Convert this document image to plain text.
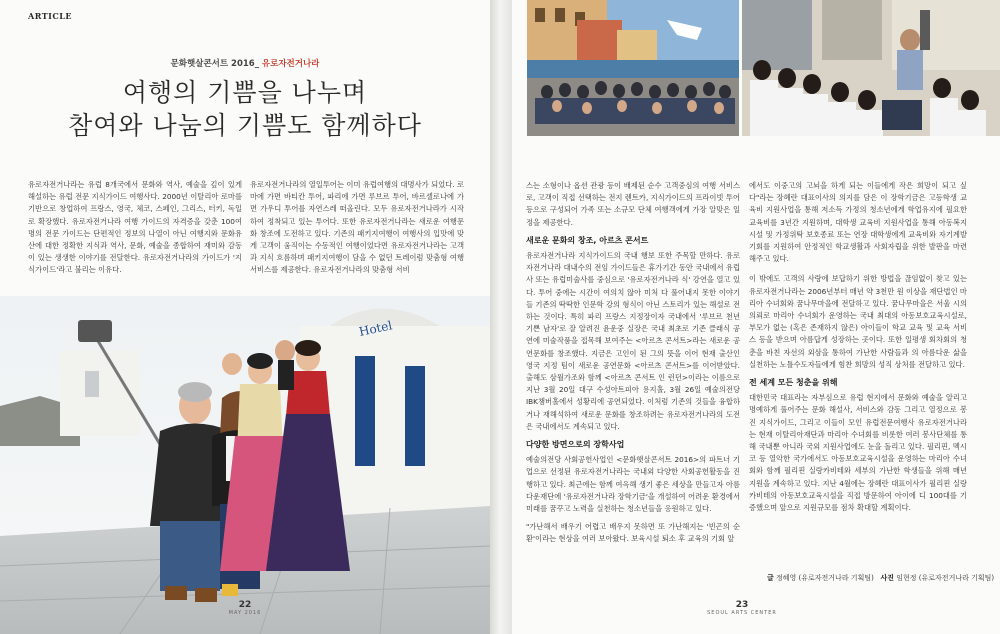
ARTICLE
문화햇살콘서트 2016_ 유로자전거나라
여행의 기쁨을 나누며
참여와 나눔의 기쁨도 함께하다
유로자전거나라는 유럽 8개국에서 문화와 역사, 예술을 깊이 있게 해설하는 유럽 전문 지식가이드 여행사다. 2000년 이탈리아 로마를 기반으로 창업하여 프랑스, 영국, 체코, 스페인, 그리스, 터키, 독일로 확장했다. 유로자전거나라 여행 가이드의 자격증을 갖춘 100여 명의 전문 가이드는 단편적인 정보의 나열이 아닌 여행지와 문화유산에 대한 정확한 지식과 역사, 문화, 예술을 종합하여 재미와 감동이 있는 생생한 이야기를 전달한다. 유로자전거나라의 가이드가 '지식가이드'라고 불리는 이유다.
유로자전거나라의 열일투어는 이미 유럽여행의 대명사가 되었다. 로마에 가면 바티칸 투어, 파리에 가면 루브르 투어, 바르셀로나에 가면 가우디 투어를 자연스레 떠올린다. 모두 유로자전거나라가 시작하여 정착되고 있는 투어다. 또한 유로자전거나라는 새로운 여행문화 창조에 도전하고 있다. 기존의 패키지여행이 여행사의 입맛에 맞게 고객이 움직이는 수동적인 여행이었다면 유로자전거나라는 고객과 지식 흐름하며 패키지여행이 담을 수 없던 트레이럼 맞춤형 여행 서비스를 제공한다. 유로자전거나라의 맞춤형 서비
Hotel
22
MAY 2016

스는 소형이나 옵션 관광 등이 배제된 순수 고객중심의 여행 서비스로, 고객이 직접 선택하는 전지 렌트카, 지식가이드의 프라이빗 투어 등으로 구성되어 가족 또는 소규모 단체 여행객에게 가장 알맞은 일정을 제공한다.

새로운 문화의 창조, 아르츠 콘서트

유로자전거나라 지식가이드의 국내 행보 또한 주목할 만하다. 유로자전거나라 대내수의 전임 가이드들은 휴가기간 동안 국내에서 유럽사 또는 유럽미술사를 중심으로 '유로자전거나라 식' 강연을 열고 있다. 투어 중에는 시간이 여의치 않아 미처 다 풀어내지 못한 이야기들 기존의 딱딱한 인문학 강의 형식이 아닌 스토리가 있는 해설로 전하는 것이다. 특히 파리 프랑스 지정장이자 국내에서 '루브르 천년 기쁜 남자'로 잘 알려진 윤운중 실장은 국내 최초로 기존 클래식 공연에 미술작품을 접목해 보여주는 <아르츠 콘서트>라는 새로운 공연문화를 창조했다. 지금은 고인이 된 그의 뜻을 이어 현재 출산인 영국 지정 팀이 새로운 공연문화 <아르츠 콘서트>를 이어받았다. 출해도 삼월가조와 함께 <아르츠 콘서트 인 런던>이라는 이름으로 지난 3월 20일 대구 수성아트피아 용지홀, 3월 26일 예술의전당 IBK챔버홀에서 성황리에 공연되었다. 이처럼 기존의 것들을 융합하거나 재해석하여 새로운 문화를 창조하려는 유로자전거나라의 도전은 국내에서도 계속되고 있다.

다양한 방면으로의 장학사업

예술의전당 사회공헌사업인 <문화햇살콘서트 2016>의 파트너 기업으로 선정된 유로자전거나라는 국내외 다양한 사회공헌활동을 진행하고 있다. 최근에는 함께 여윽해 생기 좋은 세상을 만들고자 아름다운재단에 '유로자전거나라 장학기금'을 개설하여 어려운 환경에서 미래를 꿈꾸고 노력을 실천하는 청소년들을 응원하고 있다.

"가난해서 배우기 어렵고 배우지 못하면 또 가난해지는 '빈곤의 순환'이라는 현상을 여러 보아왔다. 보육시설 퇴소 후 교육의 기회 앞

에서도 이중고의 고뇌을 하게 되는 이들에게 작은 희망이 되고 싶다"라는 장혜란 대표이사의 의지를 담은 이 장학기금은 고등학생 교육비 지원사업을 통해 저소득 가정의 청소년에게 학업유지에 필요한 교육비를 3년간 지원하며, 대학생 교육비 지원사업을 통해 아동복지시설 및 가정위탁 보호종료 또는 연장 대학생에게 교육비와 자기계발 기회를 지원하여 안정적인 학교생활과 사회자립을 위한 발판을 마련해주고 있다.

이 밖에도 고객의 사랑에 보답하기 위한 방법을 끊임없이 찾고 있는 유로자전거나라는 2006년부터 매년 약 3천만 원 이상을 재단법인 마리아 수녀회와 꿈나무마을에 전달하고 있다. 꿈나무마을은 서울 시의 의뢰로 마리아 수녀회가 운영하는 국내 최대의 아동보호교육시설로, 부모가 없는 (혹은 존재하지 않은) 아이들이 학교 교육 및 교육 서비스 등을 받으며 아름답게 성장하는 곳이다. 또한 일평생 회차회의 청춘을 바친 자선의 외삼을 통하여 가난한 사람들과 의 아름다운 삶을 실천하는 노틀수도자들에게 힘찬 희망의 성직 상처를 전달하고 있다.

전 세계 모든 청춘을 위해

대한민국 대표라는 자부심으로 유럽 현지에서 문화와 예술을 알리고 명예하게 풀어주는 문화 해설사, 서비스와 감동 그리고 열정으로 봉진 지식가이드, 그리고 이들이 모인 유럽전문여행사 유로자전거나라는 현재 이탈리아재단과 마리아 수녀회를 비롯한 여러 봉사단체를 통해 국내뿐 아니라 국외 지원사업에도 눈을 돌리고 있다. 필리핀, 멕시코 등 열악한 국가에서도 아동보호교육시설을 운영하는 마리아 수녀회와 함께 필리핀 실랑카비테와 세부의 가난한 학생들을 위해 매년 지원을 계속하고 있다. 지난 4월에는 장혜란 대표이사가 필리핀 실랑카비테의 아동보호교육시설을 직접 방문하여 아이에 디 100대를 기증했으며 앞으로 지원규모를 점차 확대할 계획이다.

글 정혜영 (유로자전거나라 기획팀) 사진 임현정 (유로자전거나라 기획팀)
23
SEOUL ARTS CENTER
